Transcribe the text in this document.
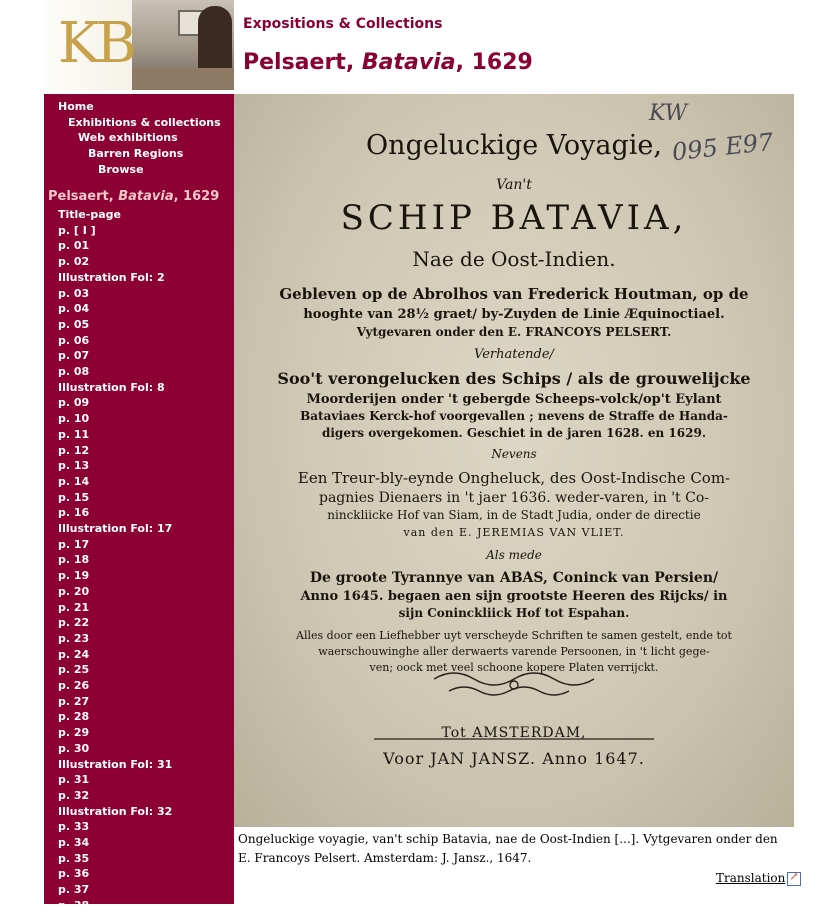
KB	Expositions & Collections
Pelsaert, Batavia, 1629
Home
Exhibitions & collections
Web exhibitions
Barren Regions
Browse
Pelsaert, Batavia, 1629
Title-page
p. [ I ]
p. 01
p. 02
Illustration Fol: 2
p. 03
p. 04
p. 05
p. 06
p. 07
p. 08
Illustration Fol: 8
p. 09
p. 10
p. 11
p. 12
p. 13
p. 14
p. 15
p. 16
Illustration Fol: 17
p. 17
p. 18
p. 19
p. 20
p. 21
p. 22
p. 23
p. 24
p. 25
p. 26
p. 27
p. 28
p. 29
p. 30
Illustration Fol: 31
p. 31
p. 32
Illustration Fol: 32
p. 33
p. 34
p. 35
p. 36
p. 37
p. 38
Ongeluckige Voyagie,
Van't
SCHIP BATAVIA,
Nae de Oost-Indien.
Gebleven op de Abrolhos van Frederick Houtman, op de
hooghte van 28½ graet/ by-Zuyden de Linie Æquinoctiael.
Vytgevaren onder den E. FRANCOYS PELSERT.
Verhatende/
Soo't verongelucken des Schips / als de grouwelijcke
Moorderijen onder 't gebergde Scheeps-volck/op't Eylant
Bataviaes Kerck-hof voorgevallen ; nevens de Straffe de Handa-
digers overgekomen. Geschiet in de jaren 1628. en 1629.
Nevens
Een Treur-bly-eynde Ongheluck, des Oost-Indische Com-
pagnies Dienaers in 't jaer 1636. weder-varen, in 't Co-
ninckliicke Hof van Siam, in de Stadt Judia, onder de directie
van den E. JEREMIAS VAN VLIET.
Als mede
De groote Tyrannye van ABAS, Coninck van Persien/
Anno 1645. begaen aen sijn grootste Heeren des Rijcks/ in
sijn Coninckliick Hof tot Espahan.
Alles door een Liefhebber uyt verscheyde Schriften te samen gestelt, ende tot
waerschouwinghe aller derwaerts varende Persoonen, in 't licht gege-
ven; oock met veel schoone kopere Platen verrijckt.
Tot AMSTERDAM,
Voor JAN JANSZ. Anno 1647.
KW
095 E97
Ongeluckige voyagie, van't schip Batavia, nae de Oost-Indien [...]. Vytgevaren onder den E. Francoys Pelsert. Amsterdam: J. Jansz., 1647.
Translation↗
